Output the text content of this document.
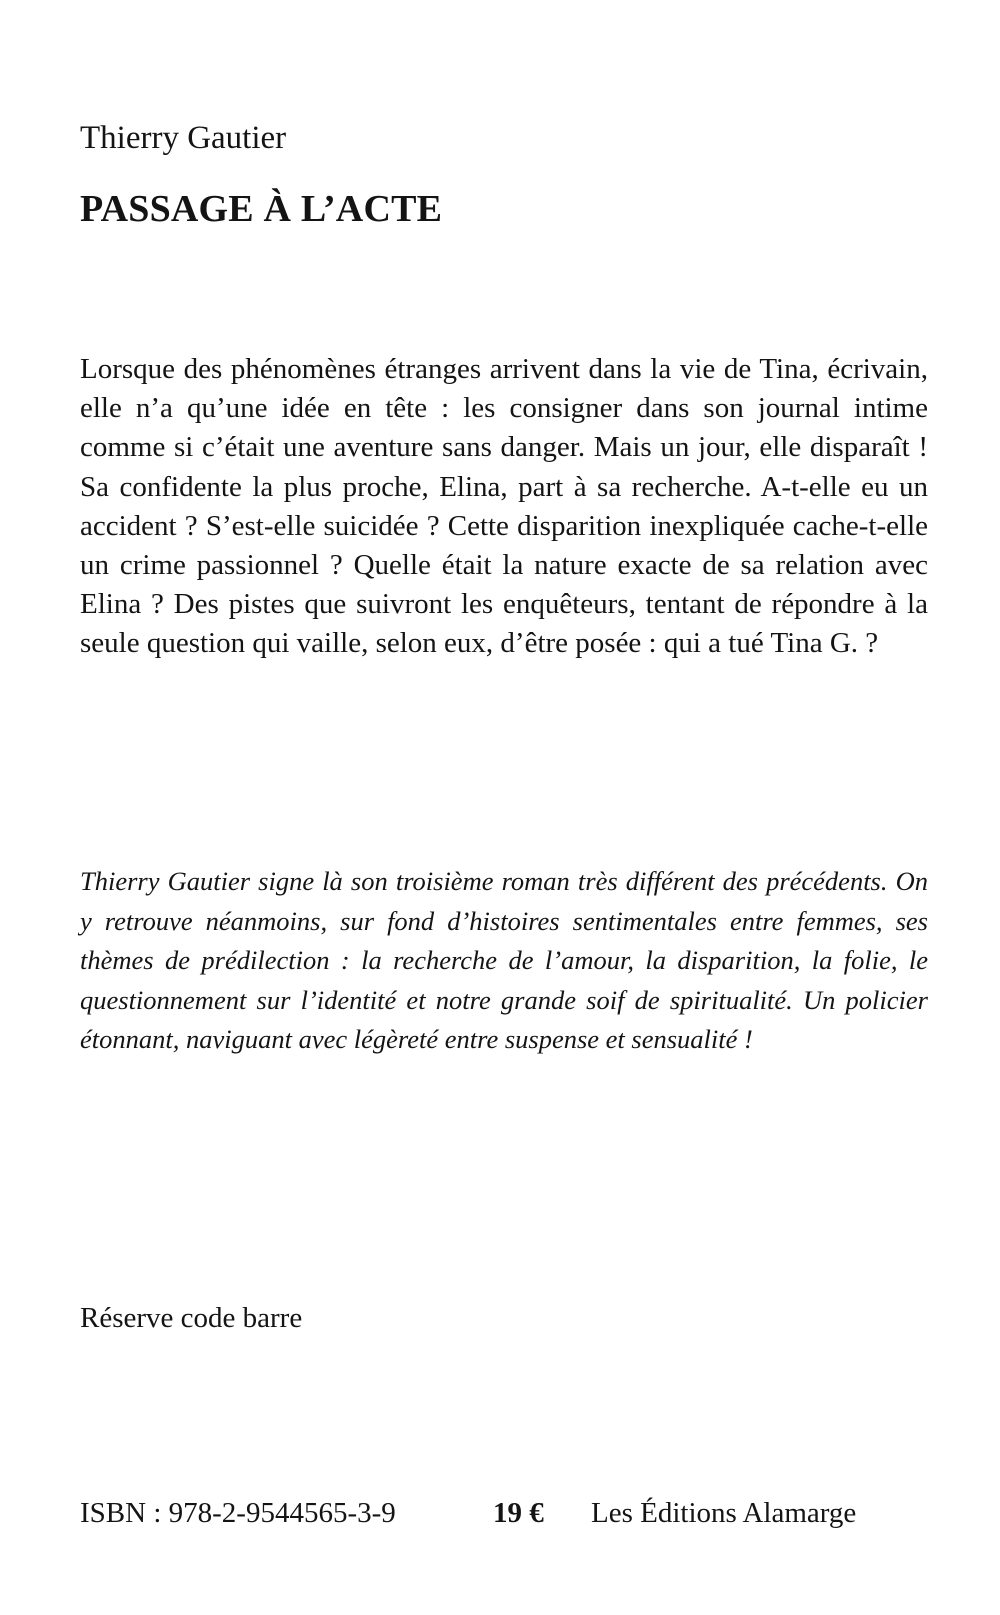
Thierry Gautier
PASSAGE À L’ACTE

Lorsque des phénomènes étranges arrivent dans la vie de Tina, écrivain, elle n’a qu’une idée en tête : les consigner dans son journal intime comme si c’était une aventure sans danger. Mais un jour, elle disparaît ! Sa confidente la plus proche, Elina, part à sa recherche. A-t-elle eu un accident ? S’est-elle suicidée ? Cette disparition inexpliquée cache-t-elle un crime passionnel ? Quelle était la nature exacte de sa relation avec Elina ? Des pistes que suivront les enquêteurs, tentant de répondre à la seule question qui vaille, selon eux, d’être posée : qui a tué Tina G. ?

Thierry Gautier signe là son troisième roman très différent des précédents. On y retrouve néanmoins, sur fond d’histoires sentimentales entre femmes, ses thèmes de prédilection : la recherche de l’amour, la disparition, la folie, le questionnement sur l’identité et notre grande soif de spiritualité. Un policier étonnant, naviguant avec légèreté entre suspense et sensualité !

Réserve code barre
ISBN : 978-2-9544565-3-9	19 € Les Éditions Alamarge
